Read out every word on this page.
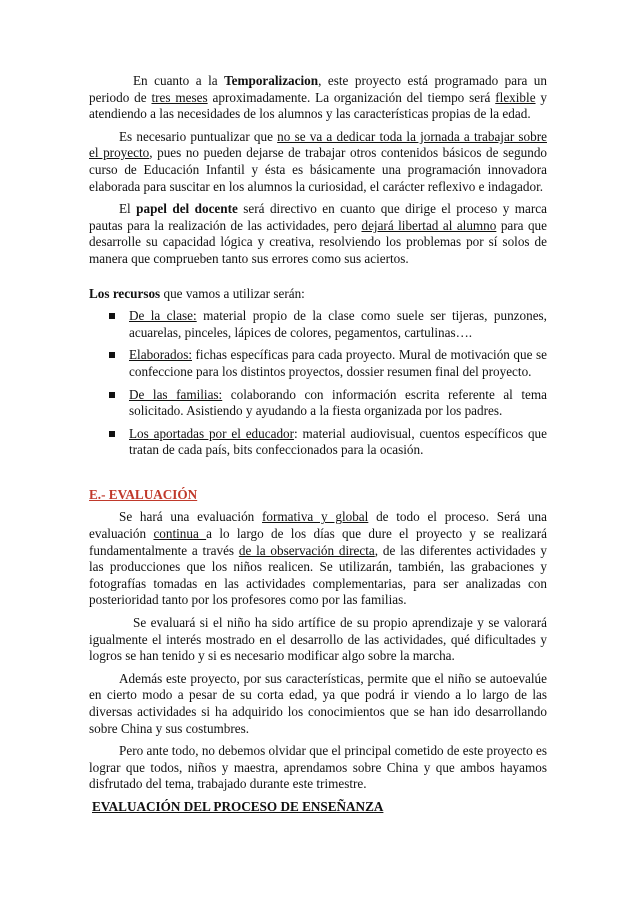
En cuanto a la Temporalizacion, este proyecto está programado para un periodo de tres meses aproximadamente. La organización del tiempo será flexible y atendiendo a las necesidades de los alumnos y las características propias de la edad.

Es necesario puntualizar que no se va a dedicar toda la jornada a trabajar sobre el proyecto, pues no pueden dejarse de trabajar otros contenidos básicos de segundo curso de Educación Infantil y ésta es básicamente una programación innovadora elaborada para suscitar en los alumnos la curiosidad, el carácter reflexivo e indagador.

El papel del docente será directivo en cuanto que dirige el proceso y marca pautas para la realización de las actividades, pero dejará libertad al alumno para que desarrolle su capacidad lógica y creativa, resolviendo los problemas por sí solos de manera que comprueben tanto sus errores como sus aciertos.

Los recursos que vamos a utilizar serán:

De la clase: material propio de la clase como suele ser tijeras, punzones, acuarelas, pinceles, lápices de colores, pegamentos, cartulinas….
Elaborados: fichas específicas para cada proyecto. Mural de motivación que se confeccione para los distintos proyectos, dossier resumen final del proyecto.
De las familias: colaborando con información escrita referente al tema solicitado. Asistiendo y ayudando a la fiesta organizada por los padres.
Los aportadas por el educador: material audiovisual, cuentos específicos que tratan de cada país, bits confeccionados para la ocasión.

E.- EVALUACIÓN

Se hará una evaluación formativa y global de todo el proceso. Será una evaluación continua a lo largo de los días que dure el proyecto y se realizará fundamentalmente a través de la observación directa, de las diferentes actividades y las producciones que los niños realicen. Se utilizarán, también, las grabaciones y fotografías tomadas en las actividades complementarias, para ser analizadas con posterioridad tanto por los profesores como por las familias.

Se evaluará si el niño ha sido artífice de su propio aprendizaje y se valorará igualmente el interés mostrado en el desarrollo de las actividades, qué dificultades y logros se han tenido y si es necesario modificar algo sobre la marcha.

Además este proyecto, por sus características, permite que el niño se autoevalúe en cierto modo a pesar de su corta edad, ya que podrá ir viendo a lo largo de las diversas actividades si ha adquirido los conocimientos que se han ido desarrollando sobre China y sus costumbres.

Pero ante todo, no debemos olvidar que el principal cometido de este proyecto es lograr que todos, niños y maestra, aprendamos sobre China y que ambos hayamos disfrutado del tema, trabajado durante este trimestre.

EVALUACIÓN DEL PROCESO DE ENSEÑANZA
